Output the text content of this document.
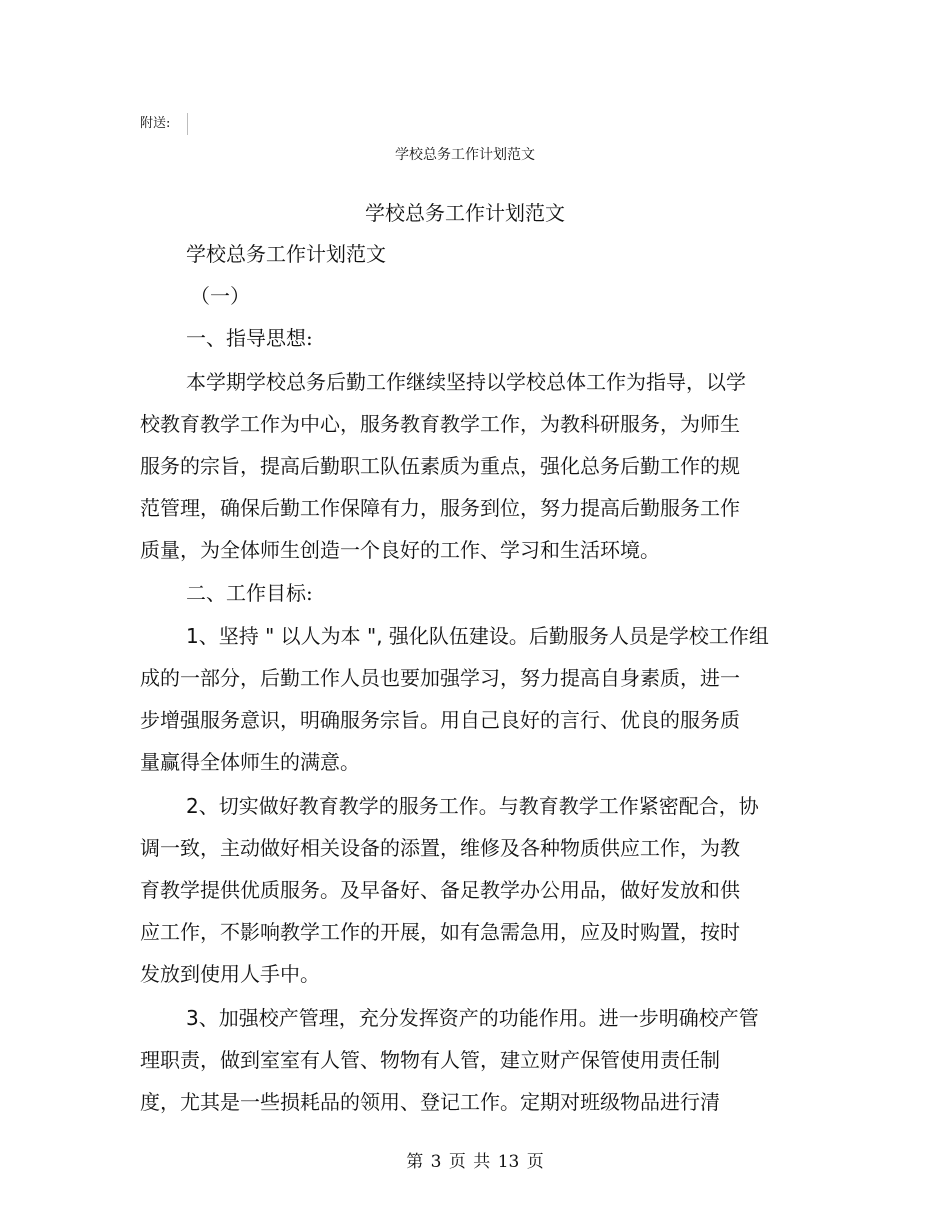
附送:
学校总务工作计划范文
学校总务工作计划范文
学校总务工作计划范文
（一）
一、指导思想:
本学期学校总务后勤工作继续坚持以学校总体工作为指导，以学
校教育教学工作为中心，服务教育教学工作，为教科研服务，为师生
服务的宗旨，提高后勤职工队伍素质为重点，强化总务后勤工作的规
范管理，确保后勤工作保障有力，服务到位，努力提高后勤服务工作
质量，为全体师生创造一个良好的工作、学习和生活环境。
二、工作目标:
1、坚持 " 以人为本 ", 强化队伍建设。后勤服务人员是学校工作组
成的一部分，后勤工作人员也要加强学习，努力提高自身素质，进一
步增强服务意识，明确服务宗旨。用自己良好的言行、优良的服务质
量赢得全体师生的满意。
2、切实做好教育教学的服务工作。与教育教学工作紧密配合，协
调一致，主动做好相关设备的添置，维修及各种物质供应工作，为教
育教学提供优质服务。及早备好、备足教学办公用品，做好发放和供
应工作，不影响教学工作的开展，如有急需急用，应及时购置，按时
发放到使用人手中。
3、加强校产管理，充分发挥资产的功能作用。进一步明确校产管
理职责，做到室室有人管、物物有人管，建立财产保管使用责任制
度，尤其是一些损耗品的领用、登记工作。定期对班级物品进行清
第 3 页 共 13 页
